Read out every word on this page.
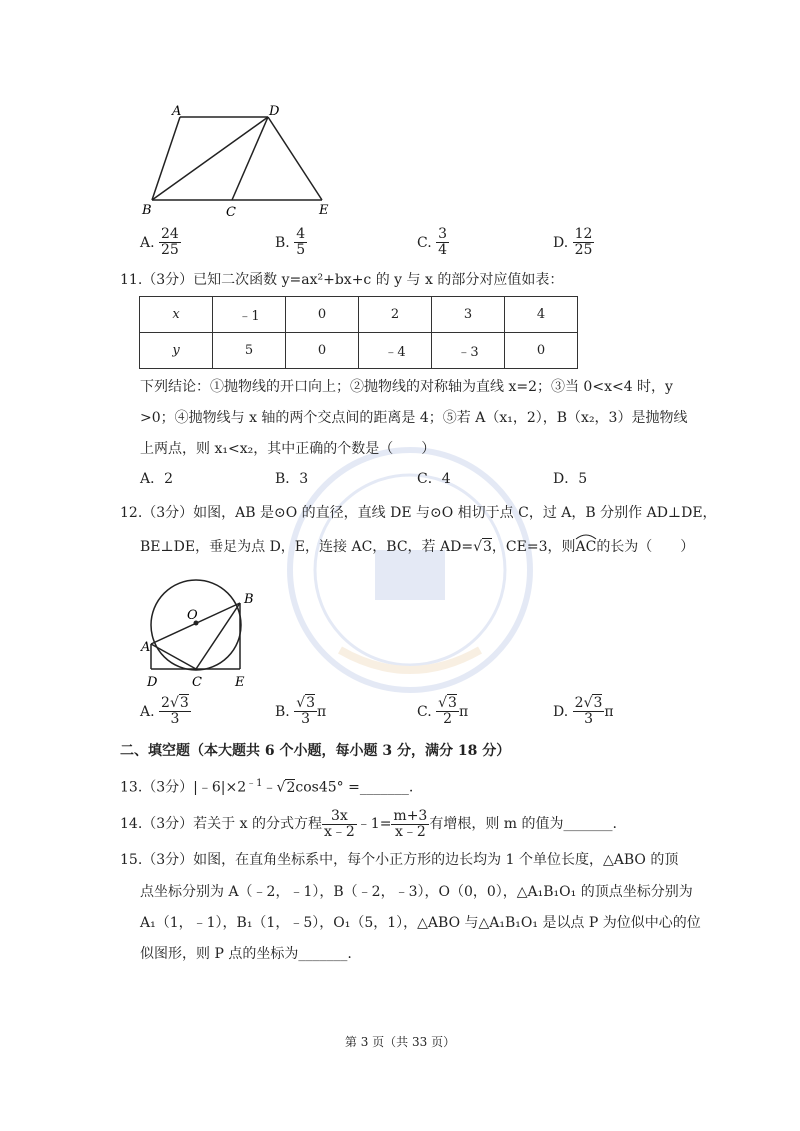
A	D
B	C	E
A. $\frac{24}{25}$	B. $\frac{4}{5}$	C. $\frac{3}{4}$	D. $\frac{12}{25}$
11.（3分）已知二次函数 y=ax²+bx+c 的 y 与 x 的部分对应值如表：
x	﹣1	0	2	3	4
y	5	0	﹣4	﹣3	0
下列结论：①抛物线的开口向上；②抛物线的对称轴为直线 x=2；③当 0<x<4 时，y
>0；④抛物线与 x 轴的两个交点间的距离是 4；⑤若 A（x₁，2），B（x₂，3）是抛物线
上两点，则 x₁<x₂，其中正确的个数是（　　）
A．2	B．3	C．4	D．5
12.（3分）如图，AB 是⊙O 的直径，直线 DE 与⊙O 相切于点 C，过 A，B 分别作 AD⊥DE，
BE⊥DE，垂足为点 D，E，连接 AC，BC，若 AD=√3，CE=3，则
AC的长为（　　）
B
O
A
D	C	E
A. $\frac{2√3}{3}$	B. $\frac{√3}{3}$ π	C. $\frac{√3}{2}$ π	D. $\frac{2√3}{3}$ π
二、填空题（本大题共 6 个小题，每小题 3 分，满分 18 分）
13.（3分）$|﹣6|\times 2^{﹣1}﹣√2\cos 45^\circ$ =_______.
14.（3分）若关于 x 的分式方程 $\frac{3x}{x﹣2}$ ﹣1= $\frac{m+3}{x﹣2}$ 有增根，则 m 的值为_______.
15.（3分）如图，在直角坐标系中，每个小正方形的边长均为 1 个单位长度，△ABO 的顶
点坐标分别为 A（﹣2，﹣1），B（﹣2，﹣3），O（0，0），△A₁B₁O₁ 的顶点坐标分别为
A₁（1，﹣1），B₁（1，﹣5），O₁（5，1），△ABO 与△A₁B₁O₁ 是以点 P 为位似中心的位
似图形，则 P 点的坐标为_______.
第 3 页（共 33 页）
